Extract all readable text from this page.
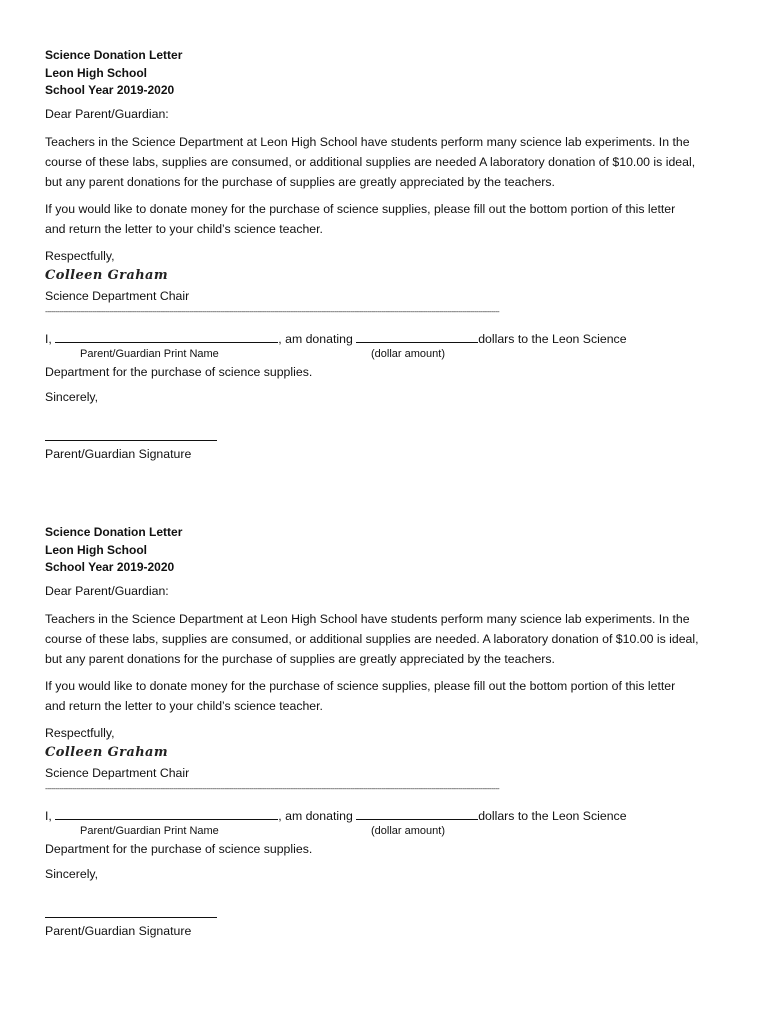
Science Donation Letter
Leon High School
School Year 2019-2020
Dear Parent/Guardian:
Teachers in the Science Department at Leon High School have students perform many science lab experiments. In the
course of these labs, supplies are consumed, or additional supplies are needed A laboratory donation of $10.00 is ideal,
but any parent donations for the purchase of supplies are greatly appreciated by the teachers.
If you would like to donate money for the purchase of science supplies, please fill out the bottom portion of this letter
and return the letter to your child’s science teacher.
Respectfully,
Colleen Graham
Science Department Chair
----------------------------------------------------------------------------------------------------------------------------------------------------------------------------------------------------------------------------
I,	, am donating	dollars to the Leon Science
Parent/Guardian Print Name	(dollar amount)
Department for the purchase of science supplies.
Sincerely,
Parent/Guardian Signature
Science Donation Letter
Leon High School
School Year 2019-2020
Dear Parent/Guardian:
Teachers in the Science Department at Leon High School have students perform many science lab experiments. In the
course of these labs, supplies are consumed, or additional supplies are needed. A laboratory donation of $10.00 is ideal,
but any parent donations for the purchase of supplies are greatly appreciated by the teachers.
If you would like to donate money for the purchase of science supplies, please fill out the bottom portion of this letter
and return the letter to your child’s science teacher.
Respectfully,
Colleen Graham
Science Department Chair
----------------------------------------------------------------------------------------------------------------------------------------------------------------------------------------------------------------------------
I,	, am donating	dollars to the Leon Science
Parent/Guardian Print Name	(dollar amount)
Department for the purchase of science supplies.
Sincerely,
Parent/Guardian Signature
